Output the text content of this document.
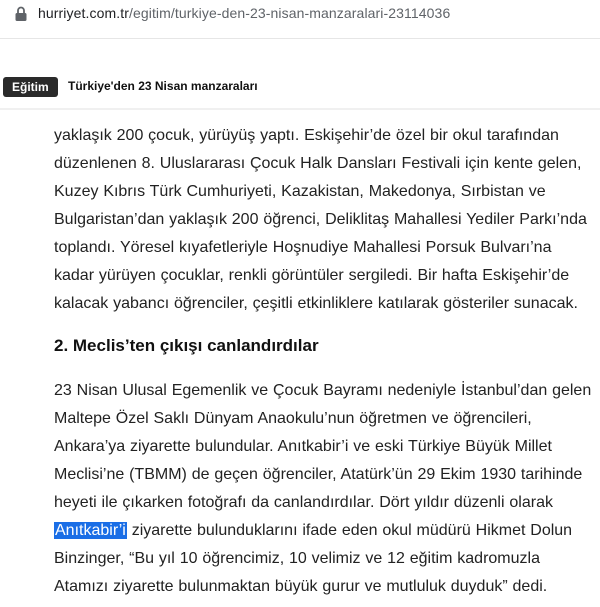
hurriyet.com.tr/egitim/turkiye-den-23-nisan-manzaralari-23114036
Eğitim	Türkiye'den 23 Nisan manzaraları
yaklaşık 200 çocuk, yürüyüş yaptı. Eskişehir’de özel bir okul tarafından
düzenlenen 8. Uluslararası Çocuk Halk Dansları Festivali için kente gelen,
Kuzey Kıbrıs Türk Cumhuriyeti, Kazakistan, Makedonya, Sırbistan ve
Bulgaristan’dan yaklaşık 200 öğrenci, Deliklitaş Mahallesi Yediler Parkı’nda
toplandı. Yöresel kıyafetleriyle Hoşnudiye Mahallesi Porsuk Bulvarı’na
kadar yürüyen çocuklar, renkli görüntüler sergiledi. Bir hafta Eskişehir’de
kalacak yabancı öğrenciler, çeşitli etkinliklere katılarak gösteriler sunacak.
2. Meclis’ten çıkışı canlandırdılar
23 Nisan Ulusal Egemenlik ve Çocuk Bayramı nedeniyle İstanbul’dan gelen
Maltepe Özel Saklı Dünyam Anaokulu’nun öğretmen ve öğrencileri,
Ankara’ya ziyarette bulundular. Anıtkabir’i ve eski Türkiye Büyük Millet
Meclisi’ne (TBMM) de geçen öğrenciler, Atatürk’ün 29 Ekim 1930 tarihinde
heyeti ile çıkarken fotoğrafı da canlandırdılar. Dört yıldır düzenli olarak
Anıtkabir’i ziyarette bulunduklarını ifade eden okul müdürü Hikmet Dolun
Binzinger, “Bu yıl 10 öğrencimiz, 10 velimiz ve 12 eğitim kadromuzla
Atamızı ziyarette bulunmaktan büyük gurur ve mutluluk duyduk” dedi.
